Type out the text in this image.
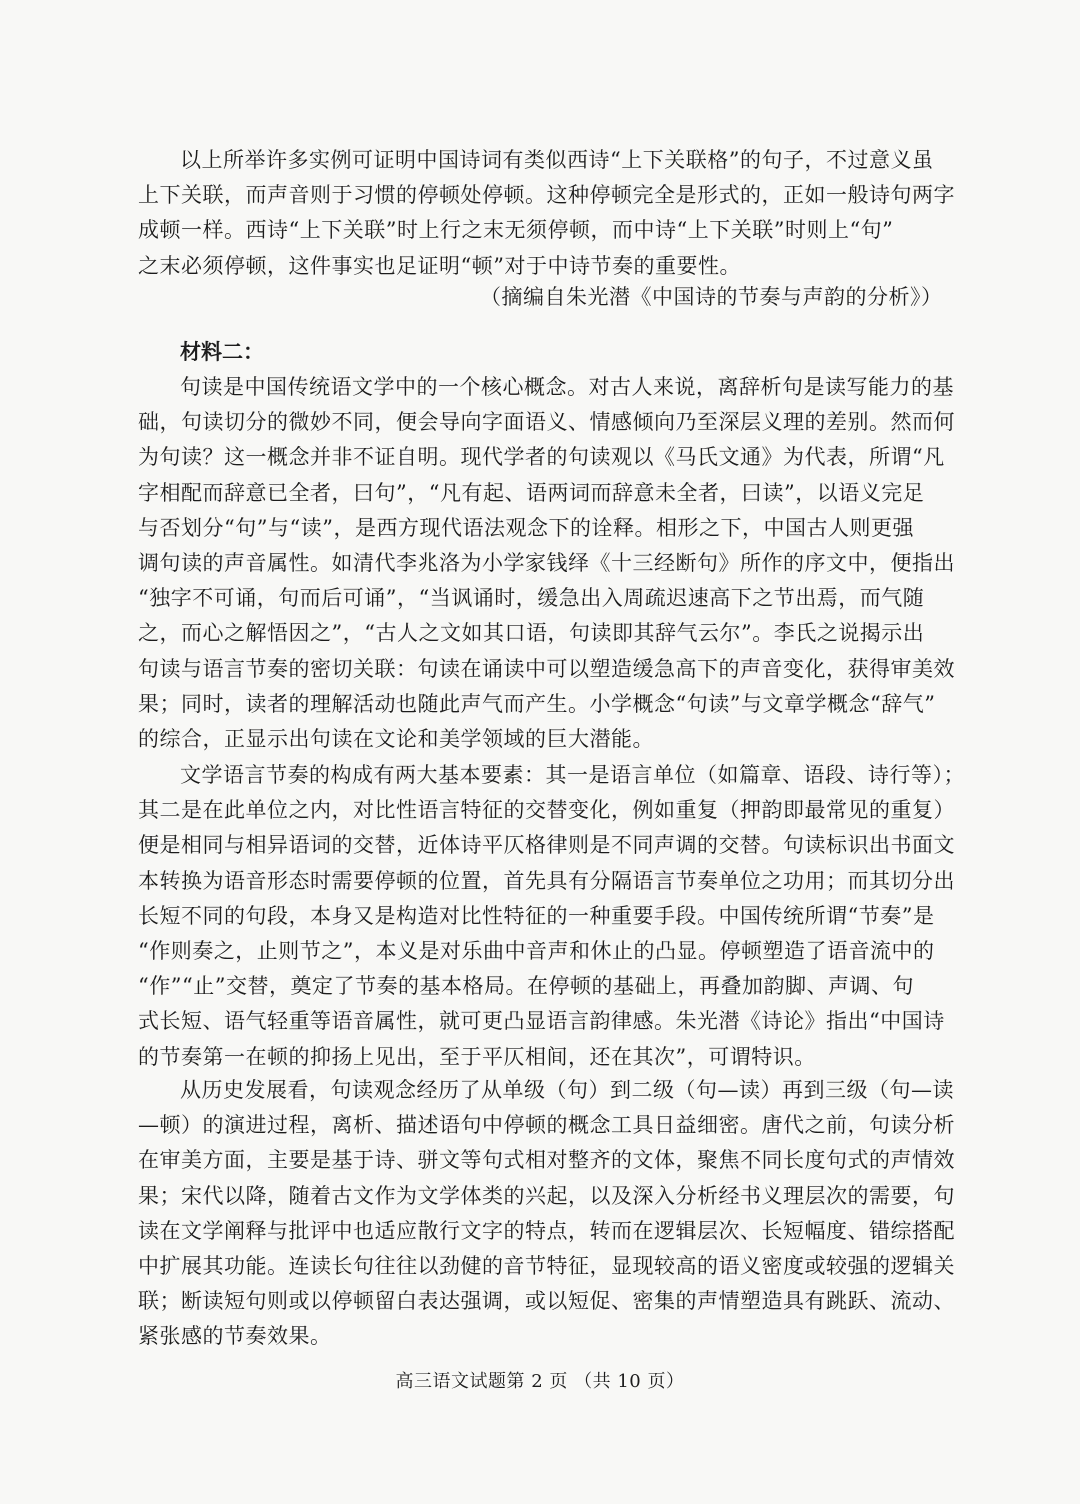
以上所举许多实例可证明中国诗词有类似西诗“上下关联格”的句子，不过意义虽
上下关联，而声音则于习惯的停顿处停顿。这种停顿完全是形式的，正如一般诗句两字
成顿一样。西诗“上下关联”时上行之末无须停顿，而中诗“上下关联”时则上“句”
之末必须停顿，这件事实也足证明“顿”对于中诗节奏的重要性。
（摘编自朱光潜《中国诗的节奏与声韵的分析》）
材料二：
句读是中国传统语文学中的一个核心概念。对古人来说，离辞析句是读写能力的基
础，句读切分的微妙不同，便会导向字面语义、情感倾向乃至深层义理的差别。然而何
为句读？这一概念并非不证自明。现代学者的句读观以《马氏文通》为代表，所谓“凡
字相配而辞意已全者，曰句”，“凡有起、语两词而辞意未全者，曰读”，以语义完足
与否划分“句”与“读”，是西方现代语法观念下的诠释。相形之下，中国古人则更强
调句读的声音属性。如清代李兆洛为小学家钱绎《十三经断句》所作的序文中，便指出
“独字不可诵，句而后可诵”，“当讽诵时，缓急出入周疏迟速高下之节出焉，而气随
之，而心之解悟因之”，“古人之文如其口语，句读即其辞气云尔”。李氏之说揭示出
句读与语言节奏的密切关联：句读在诵读中可以塑造缓急高下的声音变化，获得审美效
果；同时，读者的理解活动也随此声气而产生。小学概念“句读”与文章学概念“辞气”
的综合，正显示出句读在文论和美学领域的巨大潜能。
文学语言节奏的构成有两大基本要素：其一是语言单位（如篇章、语段、诗行等）；
其二是在此单位之内，对比性语言特征的交替变化，例如重复（押韵即最常见的重复）
便是相同与相异语词的交替，近体诗平仄格律则是不同声调的交替。句读标识出书面文
本转换为语音形态时需要停顿的位置，首先具有分隔语言节奏单位之功用；而其切分出
长短不同的句段，本身又是构造对比性特征的一种重要手段。中国传统所谓“节奏”是
“作则奏之，止则节之”，本义是对乐曲中音声和休止的凸显。停顿塑造了语音流中的
“作”“止”交替，奠定了节奏的基本格局。在停顿的基础上，再叠加韵脚、声调、句
式长短、语气轻重等语音属性，就可更凸显语言韵律感。朱光潜《诗论》指出“中国诗
的节奏第一在顿的抑扬上见出，至于平仄相间，还在其次”，可谓特识。
从历史发展看，句读观念经历了从单级（句）到二级（句—读）再到三级（句—读
—顿）的演进过程，离析、描述语句中停顿的概念工具日益细密。唐代之前，句读分析
在审美方面，主要是基于诗、骈文等句式相对整齐的文体，聚焦不同长度句式的声情效
果；宋代以降，随着古文作为文学体类的兴起，以及深入分析经书义理层次的需要，句
读在文学阐释与批评中也适应散行文字的特点，转而在逻辑层次、长短幅度、错综搭配
中扩展其功能。连读长句往往以劲健的音节特征，显现较高的语义密度或较强的逻辑关
联；断读短句则或以停顿留白表达强调，或以短促、密集的声情塑造具有跳跃、流动、
紧张感的节奏效果。
高三语文试题第 2 页 （共 10 页）
